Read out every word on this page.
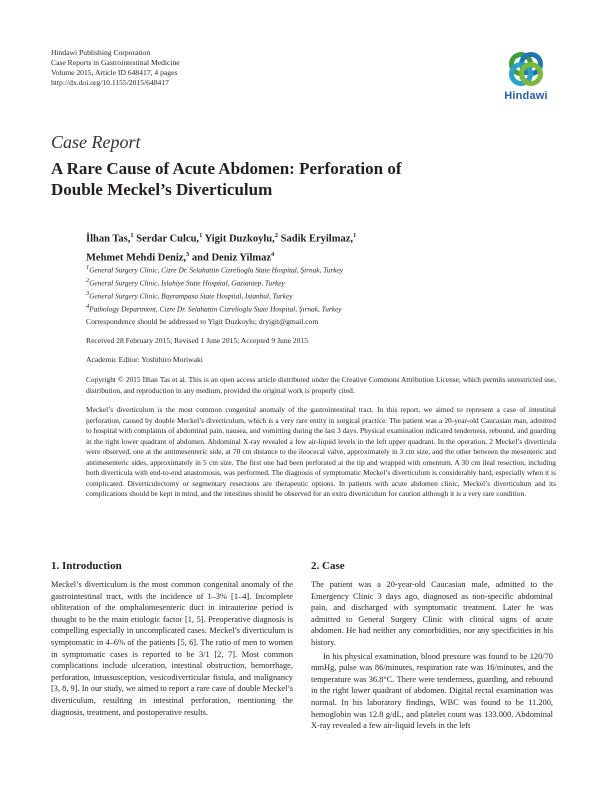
Hindawi Publishing Corporation
Case Reports in Gastrointestinal Medicine
Volume 2015, Article ID 648417, 4 pages
http://dx.doi.org/10.1155/2015/648417
Hindawi
Case Report
A Rare Cause of Acute Abdomen: Perforation of
Double Meckel’s Diverticulum
İlhan Tas,$^1$ Serdar Culcu,$^1$ Yigit Duzkoylu,$^2$ Sadik Eryilmaz,$^1$
Mehmet Mehdi Deniz,$^3$ and Deniz Yilmaz$^4$
$^1$General Surgery Clinic, Cizre Dr. Selahattin Cizrelioglu State Hospital, Şırnak, Turkey
$^2$General Surgery Clinic, Islahiye State Hospital, Gaziantep, Turkey
$^3$General Surgery Clinic, Bayrampasa State Hospital, Istanbul, Turkey
$^4$Pathology Department, Cizre Dr. Selahattin Cizrelioglu State Hospital, Şırnak, Turkey
Correspondence should be addressed to Yigit Duzkoylu; dryigit@gmail.com
Received 28 February 2015; Revised 1 June 2015; Accepted 9 June 2015
Academic Editor: Yoshihiro Moriwaki
Copyright © 2015 İlhan Tas et al. This is an open access article distributed under the Creative Commons Attribution License, which permits unrestricted use, distribution, and reproduction in any medium, provided the original work is properly cited.
Meckel’s diverticulum is the most common congenital anomaly of the gastrointestinal tract. In this report, we aimed to represent a case of intestinal perforation, caused by double Meckel’s diverticulum, which is a very rare entity in surgical practice. The patient was a 20-year-old Caucasian man, admitted to hospital with complaints of abdominal pain, nausea, and vomitting during the last 3 days. Physical examination indicated tenderness, rebound, and guarding in the right lower quadrant of abdomen. Abdominal X-ray revealed a few air-liquid levels in the left upper quadrant. In the operation, 2 Meckel’s diverticula were observed, one at the antimesenteric side, at 70 cm distance to the ileocecal valve, approximately in 3 cm size, and the other between the mesenteric and antimesenteric sides, approximately in 5 cm size. The first one had been perforated at the tip and wrapped with omentum. A 30 cm ileal resection, including both diverticula with end-to-end anastomosis, was performed. The diagnosis of symptomatic Meckel’s diverticulum is considerably hard, especially when it is complicated. Diverticulectomy or segmentary resections are therapeutic options. In patients with acute abdomen clinic, Meckel’s diverticulum and its complications should be kept in mind, and the intestines should be observed for an extra diverticulum for caution although it is a very rare condition.
1. Introduction	2. Case

Meckel’s diverticulum is the most common congenital anomaly of the gastrointestinal tract, with the incidence of 1–3% [1–4]. Incomplete obliteration of the omphalomesenteric duct in intrauterine period is thought to be the main etiologic factor [1, 5]. Preoperative diagnosis is compelling especially in uncomplicated cases. Meckel’s diverticulum is symptomatic in 4–6% of the patients [5, 6]. The ratio of men to women in symptomatic cases is reported to be 3/1 [2, 7]. Most common complications include ulceration, intestinal obstruction, hemorrhage, perforation, intussusception, vesicodiverticular fistula, and malignancy [3, 8, 9]. In our study, we aimed to report a rare case of double Meckel’s diverticulum, resulting in intestinal perforation, mentioning the diagnosis, treatment, and postoperative results.

The patient was a 20-year-old Caucasian male, admitted to the Emergency Clinic 3 days ago, diagnosed as non-specific abdominal pain, and discharged with symptomatic treatment. Later he was admitted to General Surgery Clinic with clinical signs of acute abdomen. He had neither any comorbidities, nor any specificities in his history.

In his physical examination, blood pressure was found to be 120/70 mmHg, pulse was 86/minutes, respiration rate was 16/minutes, and the temperature was 36.8°C. There were tenderness, guarding, and rebound in the right lower quadrant of abdomen. Digital rectal examination was normal. In his laboratory findings, WBC was found to be 11.200, hemoglobin was 12.8 g/dL, and platelet count was 133.000. Abdominal X-ray revealed a few air-liquid levels in the left
